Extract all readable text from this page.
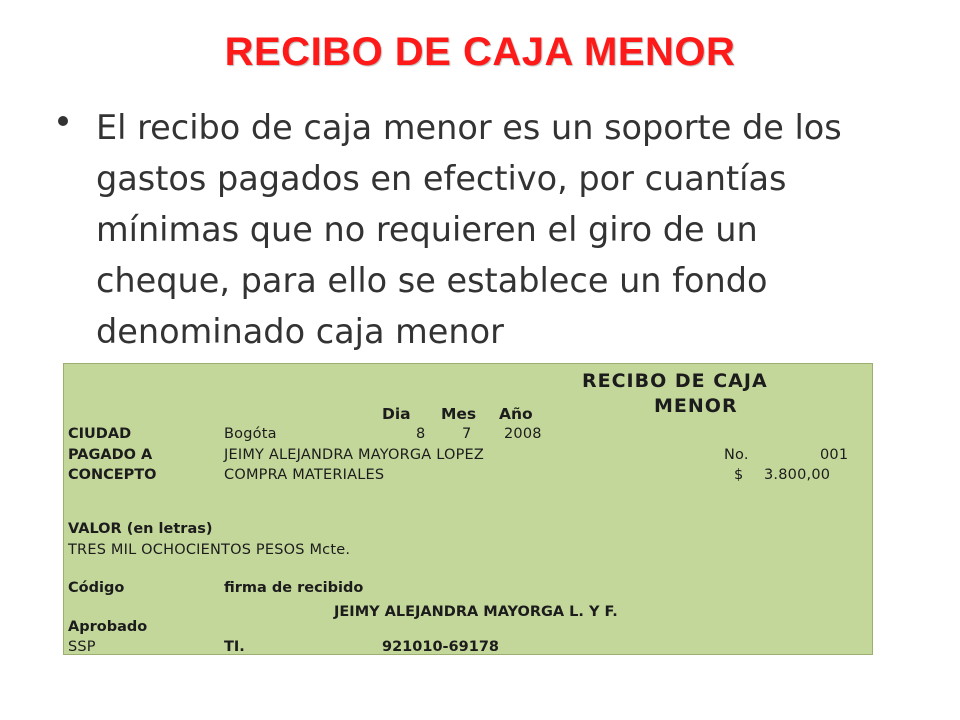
RECIBO DE CAJA MENOR
El recibo de caja menor es un soporte de los gastos pagados en efectivo, por cuantías mínimas que no requieren el giro de un cheque, para ello se establece un fondo denominado caja menor
RECIBO DE CAJA
MENOR
Dia Mes Año
CIUDAD	Bogóta	8	7 2008
PAGADO A	JEIMY ALEJANDRA MAYORGA LOPEZ	No.	001
CONCEPTO	COMPRA MATERIALES	$ 3.800,00
VALOR (en letras)
TRES MIL OCHOCIENTOS PESOS Mcte.
Código	firma de recibido
JEIMY ALEJANDRA MAYORGA L. Y F.
Aprobado
SSP	TI.	921010-69178
